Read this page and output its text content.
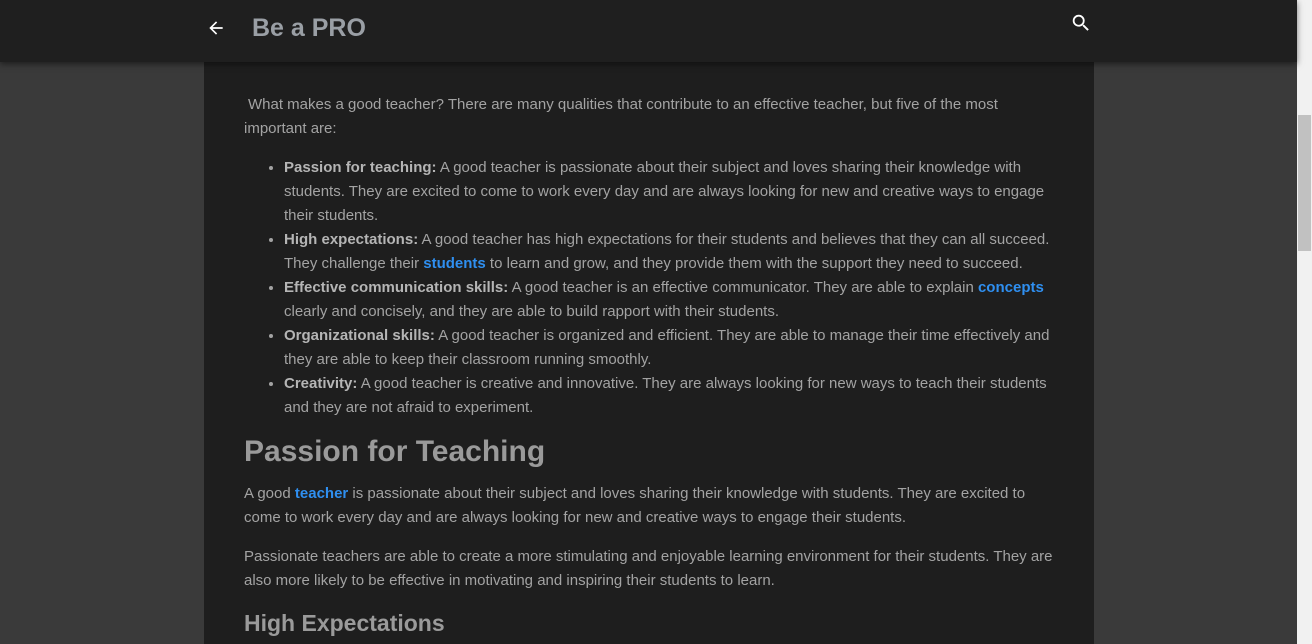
Be a PRO

What makes a good teacher? There are many qualities that contribute to an effective teacher, but five of the most important are:

• Passion for teaching: A good teacher is passionate about their subject and loves sharing their knowledge with students. They are excited to come to work every day and are always looking for new and creative ways to engage their students.
• High expectations: A good teacher has high expectations for their students and believes that they can all succeed. They challenge their students to learn and grow, and they provide them with the support they need to succeed.
• Effective communication skills: A good teacher is an effective communicator. They are able to explain concepts clearly and concisely, and they are able to build rapport with their students.
• Organizational skills: A good teacher is organized and efficient. They are able to manage their time effectively and they are able to keep their classroom running smoothly.
• Creativity: A good teacher is creative and innovative. They are always looking for new ways to teach their students and they are not afraid to experiment.
Passion for Teaching

A good teacher is passionate about their subject and loves sharing their knowledge with students. They are excited to come to work every day and are always looking for new and creative ways to engage their students.

Passionate teachers are able to create a more stimulating and enjoyable learning environment for their students. They are also more likely to be effective in motivating and inspiring their students to learn.

High Expectations
